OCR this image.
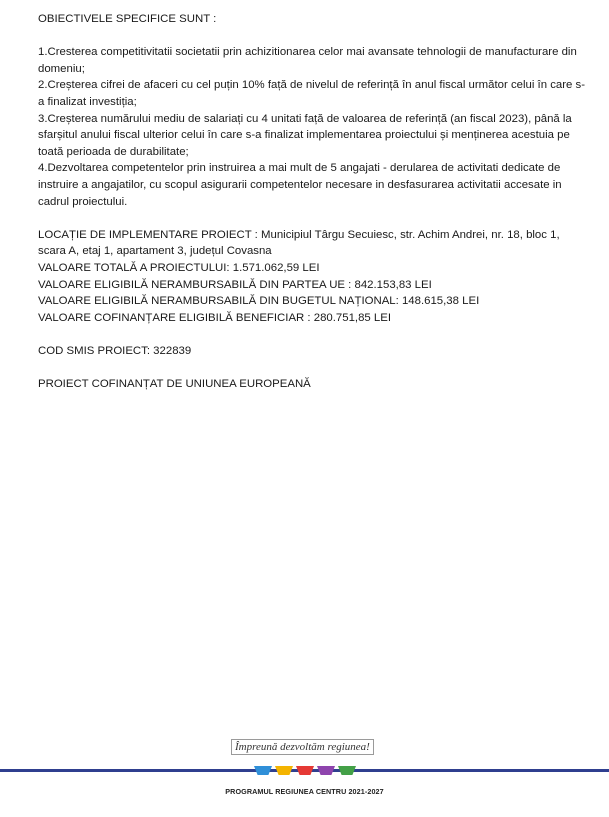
OBIECTIVELE SPECIFICE SUNT :

1.Cresterea competitivitatii societatii prin achizitionarea celor mai avansate tehnologii de manufacturare din domeniu;

2.Creșterea cifrei de afaceri cu cel puțin 10% față de nivelul de referință în anul fiscal următor celui în care s-a finalizat investiția;

3.Creșterea numărului mediu de salariați cu 4 unitati față de valoarea de referință (an fiscal 2023), până la sfarșitul anului fiscal ulterior celui în care s-a finalizat implementarea proiectului și menținerea acestuia pe toată perioada de durabilitate;

4.Dezvoltarea competentelor prin instruirea a mai mult de 5 angajati - derularea de activitati dedicate de instruire a angajatilor, cu scopul asigurarii competentelor necesare in desfasurarea activitatii accesate in cadrul proiectului.

LOCAȚIE DE IMPLEMENTARE PROIECT : Municipiul Târgu Secuiesc, str. Achim Andrei, nr. 18, bloc 1, scara A, etaj 1, apartament 3, județul Covasna

VALOARE TOTALĂ A PROIECTULUI: 1.571.062,59 LEI

VALOARE ELIGIBILĂ NERAMBURSABILĂ DIN PARTEA UE : 842.153,83 LEI

VALOARE ELIGIBILĂ NERAMBURSABILĂ DIN BUGETUL NAȚIONAL: 148.615,38 LEI

VALOARE COFINANȚARE ELIGIBILĂ BENEFICIAR : 280.751,85 LEI

COD SMIS PROIECT: 322839

PROIECT COFINANȚAT DE UNIUNEA EUROPEANĂ

Împreună dezvoltăm regiunea!
PROGRAMUL REGIUNEA CENTRU 2021-2027
